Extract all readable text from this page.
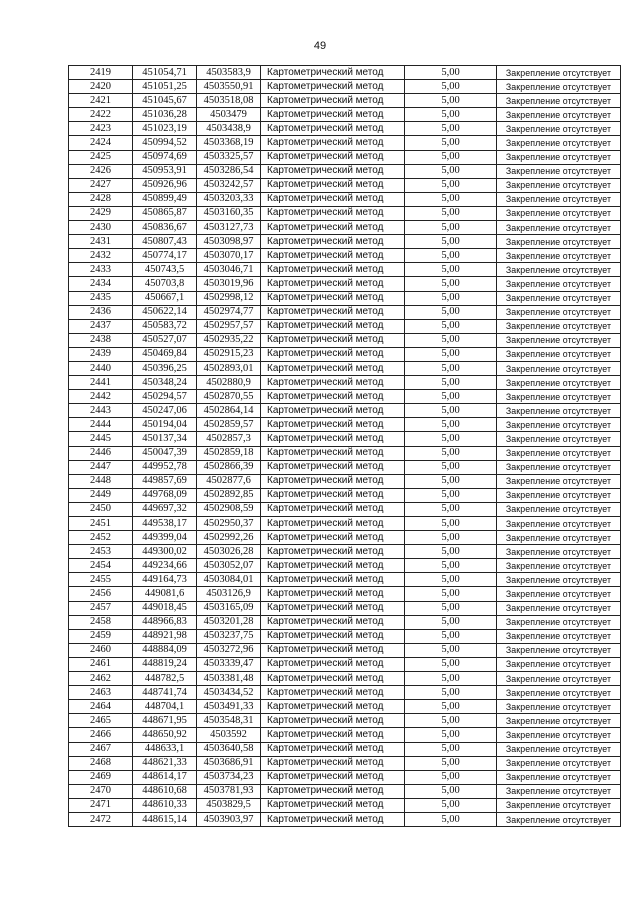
49
2419	451054,71	4503583,9	Картометрический метод	5,00	Закрепление отсутствует
2420	451051,25	4503550,91	Картометрический метод	5,00	Закрепление отсутствует
2421	451045,67	4503518,08	Картометрический метод	5,00	Закрепление отсутствует
2422	451036,28	4503479	Картометрический метод	5,00	Закрепление отсутствует
2423	451023,19	4503438,9	Картометрический метод	5,00	Закрепление отсутствует
2424	450994,52	4503368,19	Картометрический метод	5,00	Закрепление отсутствует
2425	450974,69	4503325,57	Картометрический метод	5,00	Закрепление отсутствует
2426	450953,91	4503286,54	Картометрический метод	5,00	Закрепление отсутствует
2427	450926,96	4503242,57	Картометрический метод	5,00	Закрепление отсутствует
2428	450899,49	4503203,33	Картометрический метод	5,00	Закрепление отсутствует
2429	450865,87	4503160,35	Картометрический метод	5,00	Закрепление отсутствует
2430	450836,67	4503127,73	Картометрический метод	5,00	Закрепление отсутствует
2431	450807,43	4503098,97	Картометрический метод	5,00	Закрепление отсутствует
2432	450774,17	4503070,17	Картометрический метод	5,00	Закрепление отсутствует
2433	450743,5	4503046,71	Картометрический метод	5,00	Закрепление отсутствует
2434	450703,8	4503019,96	Картометрический метод	5,00	Закрепление отсутствует
2435	450667,1	4502998,12	Картометрический метод	5,00	Закрепление отсутствует
2436	450622,14	4502974,77	Картометрический метод	5,00	Закрепление отсутствует
2437	450583,72	4502957,57	Картометрический метод	5,00	Закрепление отсутствует
2438	450527,07	4502935,22	Картометрический метод	5,00	Закрепление отсутствует
2439	450469,84	4502915,23	Картометрический метод	5,00	Закрепление отсутствует
2440	450396,25	4502893,01	Картометрический метод	5,00	Закрепление отсутствует
2441	450348,24	4502880,9	Картометрический метод	5,00	Закрепление отсутствует
2442	450294,57	4502870,55	Картометрический метод	5,00	Закрепление отсутствует
2443	450247,06	4502864,14	Картометрический метод	5,00	Закрепление отсутствует
2444	450194,04	4502859,57	Картометрический метод	5,00	Закрепление отсутствует
2445	450137,34	4502857,3	Картометрический метод	5,00	Закрепление отсутствует
2446	450047,39	4502859,18	Картометрический метод	5,00	Закрепление отсутствует
2447	449952,78	4502866,39	Картометрический метод	5,00	Закрепление отсутствует
2448	449857,69	4502877,6	Картометрический метод	5,00	Закрепление отсутствует
2449	449768,09	4502892,85	Картометрический метод	5,00	Закрепление отсутствует
2450	449697,32	4502908,59	Картометрический метод	5,00	Закрепление отсутствует
2451	449538,17	4502950,37	Картометрический метод	5,00	Закрепление отсутствует
2452	449399,04	4502992,26	Картометрический метод	5,00	Закрепление отсутствует
2453	449300,02	4503026,28	Картометрический метод	5,00	Закрепление отсутствует
2454	449234,66	4503052,07	Картометрический метод	5,00	Закрепление отсутствует
2455	449164,73	4503084,01	Картометрический метод	5,00	Закрепление отсутствует
2456	449081,6	4503126,9	Картометрический метод	5,00	Закрепление отсутствует
2457	449018,45	4503165,09	Картометрический метод	5,00	Закрепление отсутствует
2458	448966,83	4503201,28	Картометрический метод	5,00	Закрепление отсутствует
2459	448921,98	4503237,75	Картометрический метод	5,00	Закрепление отсутствует
2460	448884,09	4503272,96	Картометрический метод	5,00	Закрепление отсутствует
2461	448819,24	4503339,47	Картометрический метод	5,00	Закрепление отсутствует
2462	448782,5	4503381,48	Картометрический метод	5,00	Закрепление отсутствует
2463	448741,74	4503434,52	Картометрический метод	5,00	Закрепление отсутствует
2464	448704,1	4503491,33	Картометрический метод	5,00	Закрепление отсутствует
2465	448671,95	4503548,31	Картометрический метод	5,00	Закрепление отсутствует
2466	448650,92	4503592	Картометрический метод	5,00	Закрепление отсутствует
2467	448633,1	4503640,58	Картометрический метод	5,00	Закрепление отсутствует
2468	448621,33	4503686,91	Картометрический метод	5,00	Закрепление отсутствует
2469	448614,17	4503734,23	Картометрический метод	5,00	Закрепление отсутствует
2470	448610,68	4503781,93	Картометрический метод	5,00	Закрепление отсутствует
2471	448610,33	4503829,5	Картометрический метод	5,00	Закрепление отсутствует
2472	448615,14	4503903,97	Картометрический метод	5,00	Закрепление отсутствует
